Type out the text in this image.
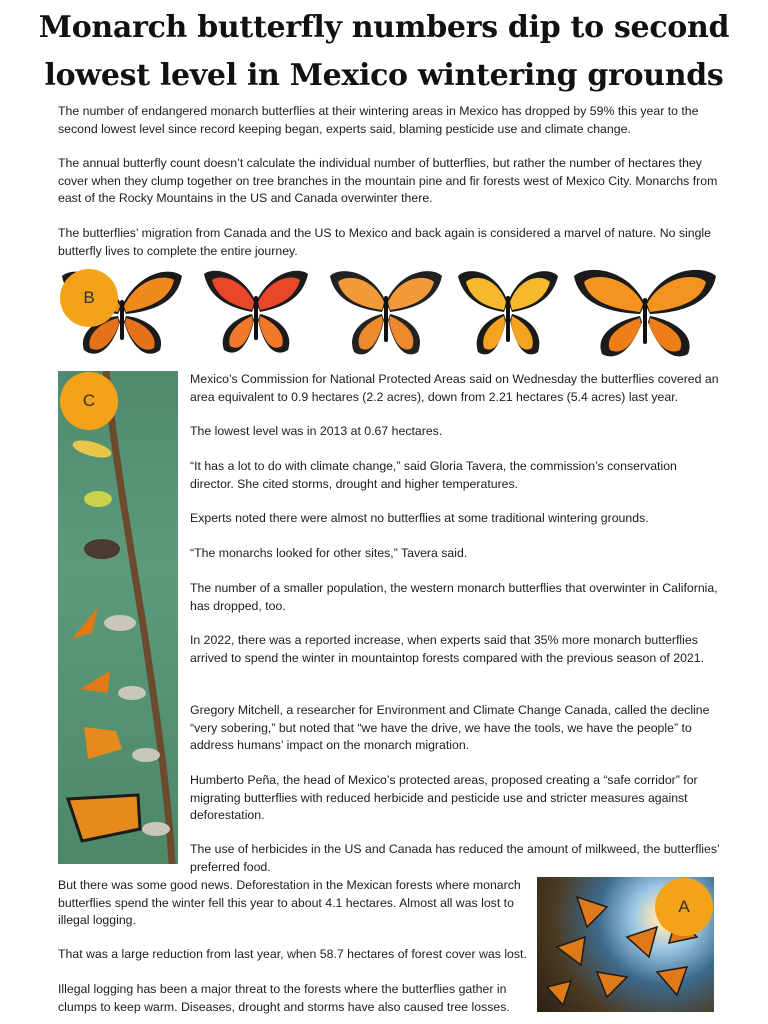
Monarch butterfly numbers dip to second lowest level in Mexico wintering grounds

The number of endangered monarch butterflies at their wintering areas in Mexico has dropped by 59% this year to the second lowest level since record keeping began, experts said, blaming pesticide use and climate change.

The annual butterfly count doesn’t calculate the individual number of butterflies, but rather the number of hectares they cover when they clump together on tree branches in the mountain pine and fir forests west of Mexico City. Monarchs from east of the Rocky Mountains in the US and Canada overwinter there.

The butterflies’ migration from Canada and the US to Mexico and back again is considered a marvel of nature. No single butterfly lives to complete the entire journey.

Mexico’s Commission for National Protected Areas said on Wednesday the butterflies covered an area equivalent to 0.9 hectares (2.2 acres), down from 2.21 hectares (5.4 acres) last year.

The lowest level was in 2013 at 0.67 hectares.

“It has a lot to do with climate change,” said Gloria Tavera, the commission’s conservation director. She cited storms, drought and higher temperatures.

Experts noted there were almost no butterflies at some traditional wintering grounds.

“The monarchs looked for other sites,” Tavera said.

The number of a smaller population, the western monarch butterflies that overwinter in California, has dropped, too.

In 2022, there was a reported increase, when experts said that 35% more monarch butterflies arrived to spend the winter in mountaintop forests compared with the previous season of 2021.

Gregory Mitchell, a researcher for Environment and Climate Change Canada, called the decline “very sobering,” but noted that “we have the drive, we have the tools, we have the people” to address humans’ impact on the monarch migration.

Humberto Peña, the head of Mexico’s protected areas, proposed creating a “safe corridor” for migrating butterflies with reduced herbicide and pesticide use and stricter measures against deforestation.

The use of herbicides in the US and Canada has reduced the amount of milkweed, the butterflies’ preferred food.

But there was some good news. Deforestation in the Mexican forests where monarch butterflies spend the winter fell this year to about 4.1 hectares. Almost all was lost to illegal logging.

That was a large reduction from last year, when 58.7 hectares of forest cover was lost.

Illegal logging has been a major threat to the forests where the butterflies gather in clumps to keep warm. Diseases, drought and storms have also caused tree losses.

B
C
A
